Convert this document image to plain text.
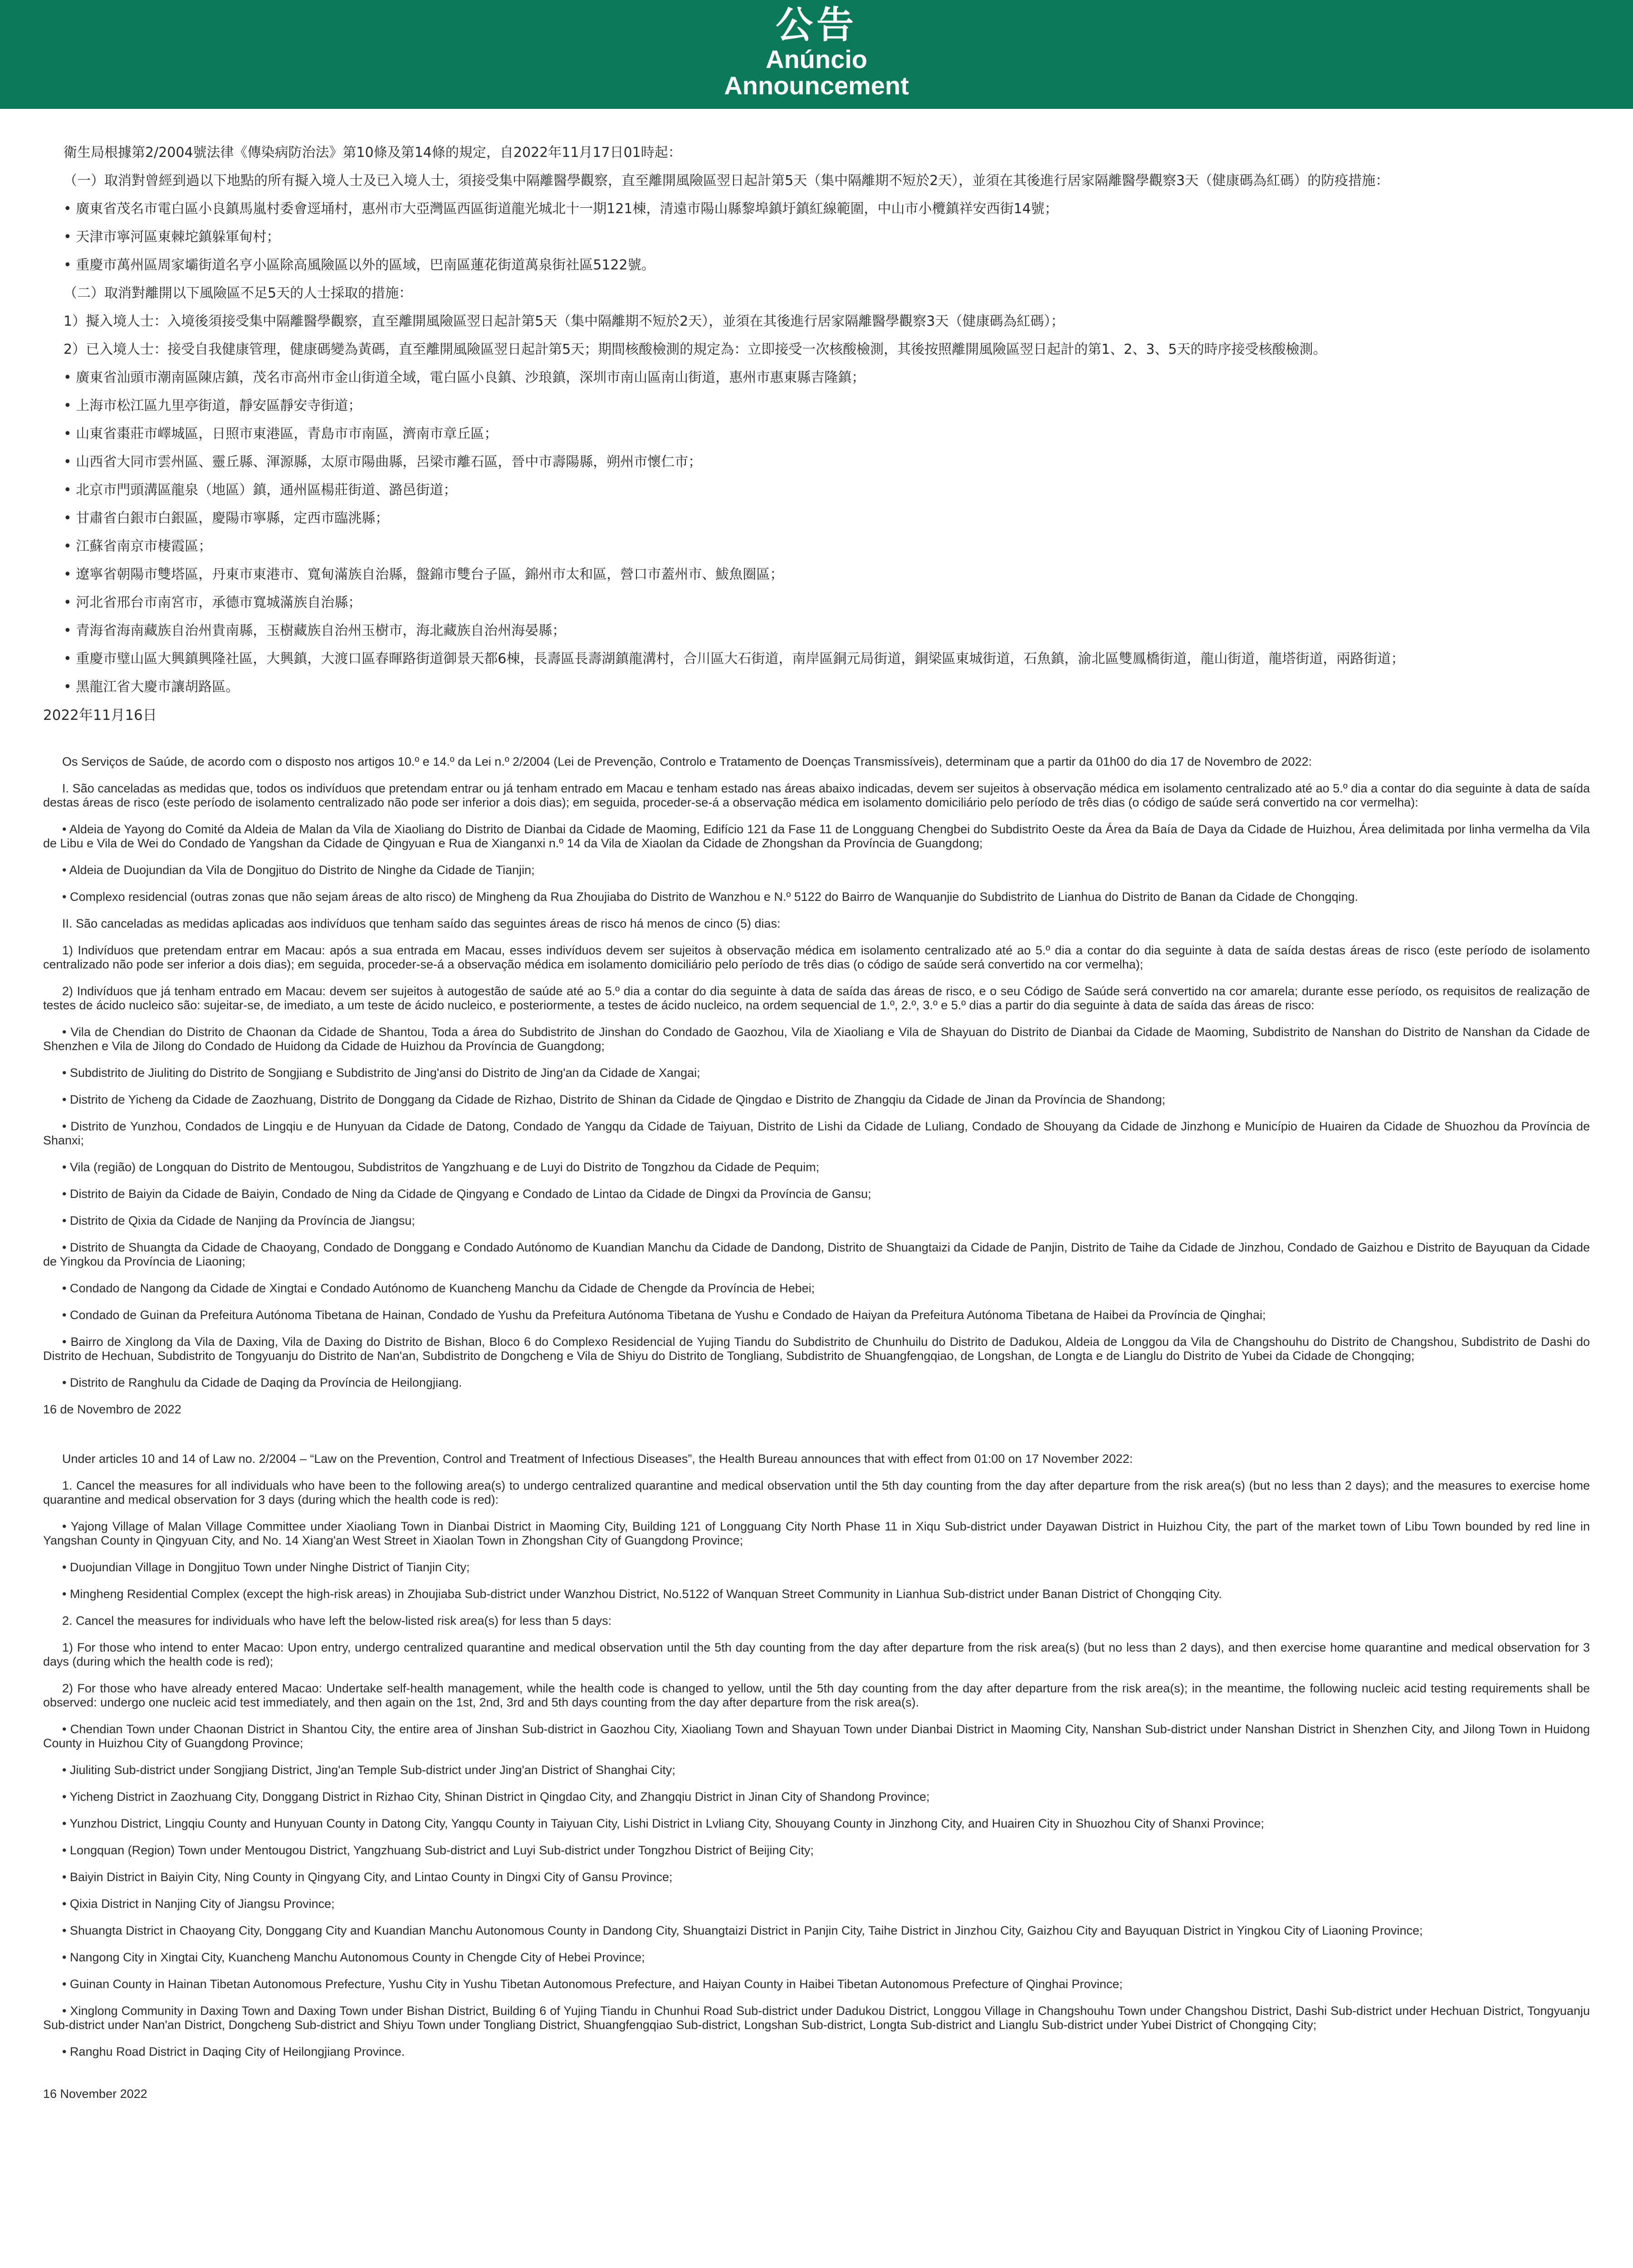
公告
Anúncio
Announcement

衛生局根據第2/2004號法律《傳染病防治法》第10條及第14條的規定，自2022年11月17日01時起：

（一）取消對曾經到過以下地點的所有擬入境人士及已入境人士，須接受集中隔離醫學觀察，直至離開風險區翌日起計第5天（集中隔離期不短於2天），並須在其後進行居家隔離醫學觀察3天（健康碼為紅碼）的防疫措施：

• 廣東省茂名市電白區小良鎮馬嵐村委會逕埇村，惠州市大亞灣區西區街道龍光城北十一期121棟，清遠市陽山縣黎埠鎮圩鎮紅線範圍，中山市小欖鎮祥安西街14號；

• 天津市寧河區東棘坨鎮躲軍甸村；

• 重慶市萬州區周家壩街道名亨小區除高風險區以外的區域，巴南區蓮花街道萬泉街社區5122號。

（二）取消對離開以下風險區不足5天的人士採取的措施：

1）擬入境人士：入境後須接受集中隔離醫學觀察，直至離開風險區翌日起計第5天（集中隔離期不短於2天），並須在其後進行居家隔離醫學觀察3天（健康碼為紅碼）；

2）已入境人士：接受自我健康管理，健康碼變為黃碼，直至離開風險區翌日起計第5天；期間核酸檢測的規定為：立即接受一次核酸檢測，其後按照離開風險區翌日起計的第1、2、3、5天的時序接受核酸檢測。

• 廣東省汕頭市潮南區陳店鎮，茂名市高州市金山街道全域，電白區小良鎮、沙琅鎮，深圳市南山區南山街道，惠州市惠東縣吉隆鎮；

• 上海市松江區九里亭街道，靜安區靜安寺街道；

• 山東省棗莊市嶧城區，日照市東港區，青島市市南區，濟南市章丘區；

• 山西省大同市雲州區、靈丘縣、渾源縣，太原市陽曲縣，呂梁市離石區，晉中市壽陽縣，朔州市懷仁市；

• 北京市門頭溝區龍泉（地區）鎮，通州區楊莊街道、潞邑街道；

• 甘肅省白銀市白銀區，慶陽市寧縣，定西市臨洮縣；

• 江蘇省南京市棲霞區；

• 遼寧省朝陽市雙塔區，丹東市東港市、寬甸滿族自治縣，盤錦市雙台子區，錦州市太和區，營口市蓋州市、鮁魚圈區；

• 河北省邢台市南宮市，承德市寬城滿族自治縣；

• 青海省海南藏族自治州貴南縣，玉樹藏族自治州玉樹市，海北藏族自治州海晏縣；

• 重慶市璧山區大興鎮興隆社區，大興鎮，大渡口區春暉路街道御景天都6棟，長壽區長壽湖鎮龍溝村，合川區大石街道，南岸區銅元局街道，銅梁區東城街道，石魚鎮，渝北區雙鳳橋街道，龍山街道，龍塔街道，兩路街道；

• 黑龍江省大慶市讓胡路區。

2022年11月16日

Os Serviços de Saúde, de acordo com o disposto nos artigos 10.º e 14.º da Lei n.º 2/2004 (Lei de Prevenção, Controlo e Tratamento de Doenças Transmissíveis), determinam que a partir da 01h00 do dia 17 de Novembro de 2022:

I. São canceladas as medidas que, todos os indivíduos que pretendam entrar ou já tenham entrado em Macau e tenham estado nas áreas abaixo indicadas, devem ser sujeitos à observação médica em isolamento centralizado até ao 5.º dia a contar do dia seguinte à data de saída destas áreas de risco (este período de isolamento centralizado não pode ser inferior a dois dias); em seguida, proceder-se-á a observação médica em isolamento domiciliário pelo período de três dias (o código de saúde será convertido na cor vermelha):

• Aldeia de Yayong do Comité da Aldeia de Malan da Vila de Xiaoliang do Distrito de Dianbai da Cidade de Maoming, Edifício 121 da Fase 11 de Longguang Chengbei do Subdistrito Oeste da Área da Baía de Daya da Cidade de Huizhou, Área delimitada por linha vermelha da Vila de Libu e Vila de Wei do Condado de Yangshan da Cidade de Qingyuan e Rua de Xianganxi n.º 14 da Vila de Xiaolan da Cidade de Zhongshan da Província de Guangdong;

• Aldeia de Duojundian da Vila de Dongjituo do Distrito de Ninghe da Cidade de Tianjin;

• Complexo residencial (outras zonas que não sejam áreas de alto risco) de Mingheng da Rua Zhoujiaba do Distrito de Wanzhou e N.º 5122 do Bairro de Wanquanjie do Subdistrito de Lianhua do Distrito de Banan da Cidade de Chongqing.

II. São canceladas as medidas aplicadas aos indivíduos que tenham saído das seguintes áreas de risco há menos de cinco (5) dias:

1) Indivíduos que pretendam entrar em Macau: após a sua entrada em Macau, esses indivíduos devem ser sujeitos à observação médica em isolamento centralizado até ao 5.º dia a contar do dia seguinte à data de saída destas áreas de risco (este período de isolamento centralizado não pode ser inferior a dois dias); em seguida, proceder-se-á a observação médica em isolamento domiciliário pelo período de três dias (o código de saúde será convertido na cor vermelha);

2) Indivíduos que já tenham entrado em Macau: devem ser sujeitos à autogestão de saúde até ao 5.º dia a contar do dia seguinte à data de saída das áreas de risco, e o seu Código de Saúde será convertido na cor amarela; durante esse período, os requisitos de realização de testes de ácido nucleico são: sujeitar-se, de imediato, a um teste de ácido nucleico, e posteriormente, a testes de ácido nucleico, na ordem sequencial de 1.º, 2.º, 3.º e 5.º dias a partir do dia seguinte à data de saída das áreas de risco:

• Vila de Chendian do Distrito de Chaonan da Cidade de Shantou, Toda a área do Subdistrito de Jinshan do Condado de Gaozhou, Vila de Xiaoliang e Vila de Shayuan do Distrito de Dianbai da Cidade de Maoming, Subdistrito de Nanshan do Distrito de Nanshan da Cidade de Shenzhen e Vila de Jilong do Condado de Huidong da Cidade de Huizhou da Província de Guangdong;

• Subdistrito de Jiuliting do Distrito de Songjiang e Subdistrito de Jing'ansi do Distrito de Jing'an da Cidade de Xangai;

• Distrito de Yicheng da Cidade de Zaozhuang, Distrito de Donggang da Cidade de Rizhao, Distrito de Shinan da Cidade de Qingdao e Distrito de Zhangqiu da Cidade de Jinan da Província de Shandong;

• Distrito de Yunzhou, Condados de Lingqiu e de Hunyuan da Cidade de Datong, Condado de Yangqu da Cidade de Taiyuan, Distrito de Lishi da Cidade de Luliang, Condado de Shouyang da Cidade de Jinzhong e Município de Huairen da Cidade de Shuozhou da Província de Shanxi;

• Vila (região) de Longquan do Distrito de Mentougou, Subdistritos de Yangzhuang e de Luyi do Distrito de Tongzhou da Cidade de Pequim;

• Distrito de Baiyin da Cidade de Baiyin, Condado de Ning da Cidade de Qingyang e Condado de Lintao da Cidade de Dingxi da Província de Gansu;

• Distrito de Qixia da Cidade de Nanjing da Província de Jiangsu;

• Distrito de Shuangta da Cidade de Chaoyang, Condado de Donggang e Condado Autónomo de Kuandian Manchu da Cidade de Dandong, Distrito de Shuangtaizi da Cidade de Panjin, Distrito de Taihe da Cidade de Jinzhou, Condado de Gaizhou e Distrito de Bayuquan da Cidade de Yingkou da Província de Liaoning;

• Condado de Nangong da Cidade de Xingtai e Condado Autónomo de Kuancheng Manchu da Cidade de Chengde da Província de Hebei;

• Condado de Guinan da Prefeitura Autónoma Tibetana de Hainan, Condado de Yushu da Prefeitura Autónoma Tibetana de Yushu e Condado de Haiyan da Prefeitura Autónoma Tibetana de Haibei da Província de Qinghai;

• Bairro de Xinglong da Vila de Daxing, Vila de Daxing do Distrito de Bishan, Bloco 6 do Complexo Residencial de Yujing Tiandu do Subdistrito de Chunhuilu do Distrito de Dadukou, Aldeia de Longgou da Vila de Changshouhu do Distrito de Changshou, Subdistrito de Dashi do Distrito de Hechuan, Subdistrito de Tongyuanju do Distrito de Nan'an, Subdistrito de Dongcheng e Vila de Shiyu do Distrito de Tongliang, Subdistrito de Shuangfengqiao, de Longshan, de Longta e de Lianglu do Distrito de Yubei da Cidade de Chongqing;

• Distrito de Ranghulu da Cidade de Daqing da Província de Heilongjiang.

16 de Novembro de 2022

Under articles 10 and 14 of Law no. 2/2004 – “Law on the Prevention, Control and Treatment of Infectious Diseases”, the Health Bureau announces that with effect from 01:00 on 17 November 2022:

1. Cancel the measures for all individuals who have been to the following area(s) to undergo centralized quarantine and medical observation until the 5th day counting from the day after departure from the risk area(s) (but no less than 2 days); and the measures to exercise home quarantine and medical observation for 3 days (during which the health code is red):

• Yajong Village of Malan Village Committee under Xiaoliang Town in Dianbai District in Maoming City, Building 121 of Longguang City North Phase 11 in Xiqu Sub-district under Dayawan District in Huizhou City, the part of the market town of Libu Town bounded by red line in Yangshan County in Qingyuan City, and No. 14 Xiang'an West Street in Xiaolan Town in Zhongshan City of Guangdong Province;

• Duojundian Village in Dongjituo Town under Ninghe District of Tianjin City;

• Mingheng Residential Complex (except the high-risk areas) in Zhoujiaba Sub-district under Wanzhou District, No.5122 of Wanquan Street Community in Lianhua Sub-district under Banan District of Chongqing City.

2. Cancel the measures for individuals who have left the below-listed risk area(s) for less than 5 days:

1) For those who intend to enter Macao: Upon entry, undergo centralized quarantine and medical observation until the 5th day counting from the day after departure from the risk area(s) (but no less than 2 days), and then exercise home quarantine and medical observation for 3 days (during which the health code is red);

2) For those who have already entered Macao: Undertake self-health management, while the health code is changed to yellow, until the 5th day counting from the day after departure from the risk area(s); in the meantime, the following nucleic acid testing requirements shall be observed: undergo one nucleic acid test immediately, and then again on the 1st, 2nd, 3rd and 5th days counting from the day after departure from the risk area(s).

• Chendian Town under Chaonan District in Shantou City, the entire area of Jinshan Sub-district in Gaozhou City, Xiaoliang Town and Shayuan Town under Dianbai District in Maoming City, Nanshan Sub-district under Nanshan District in Shenzhen City, and Jilong Town in Huidong County in Huizhou City of Guangdong Province;

• Jiuliting Sub-district under Songjiang District, Jing'an Temple Sub-district under Jing'an District of Shanghai City;

• Yicheng District in Zaozhuang City, Donggang District in Rizhao City, Shinan District in Qingdao City, and Zhangqiu District in Jinan City of Shandong Province;

• Yunzhou District, Lingqiu County and Hunyuan County in Datong City, Yangqu County in Taiyuan City, Lishi District in Lvliang City, Shouyang County in Jinzhong City, and Huairen City in Shuozhou City of Shanxi Province;

• Longquan (Region) Town under Mentougou District, Yangzhuang Sub-district and Luyi Sub-district under Tongzhou District of Beijing City;

• Baiyin District in Baiyin City, Ning County in Qingyang City, and Lintao County in Dingxi City of Gansu Province;

• Qixia District in Nanjing City of Jiangsu Province;

• Shuangta District in Chaoyang City, Donggang City and Kuandian Manchu Autonomous County in Dandong City, Shuangtaizi District in Panjin City, Taihe District in Jinzhou City, Gaizhou City and Bayuquan District in Yingkou City of Liaoning Province;

• Nangong City in Xingtai City, Kuancheng Manchu Autonomous County in Chengde City of Hebei Province;

• Guinan County in Hainan Tibetan Autonomous Prefecture, Yushu City in Yushu Tibetan Autonomous Prefecture, and Haiyan County in Haibei Tibetan Autonomous Prefecture of Qinghai Province;

• Xinglong Community in Daxing Town and Daxing Town under Bishan District, Building 6 of Yujing Tiandu in Chunhui Road Sub-district under Dadukou District, Longgou Village in Changshouhu Town under Changshou District, Dashi Sub-district under Hechuan District, Tongyuanju Sub-district under Nan'an District, Dongcheng Sub-district and Shiyu Town under Tongliang District, Shuangfengqiao Sub-district, Longshan Sub-district, Longta Sub-district and Lianglu Sub-district under Yubei District of Chongqing City;

• Ranghu Road District in Daqing City of Heilongjiang Province.

16 November 2022
